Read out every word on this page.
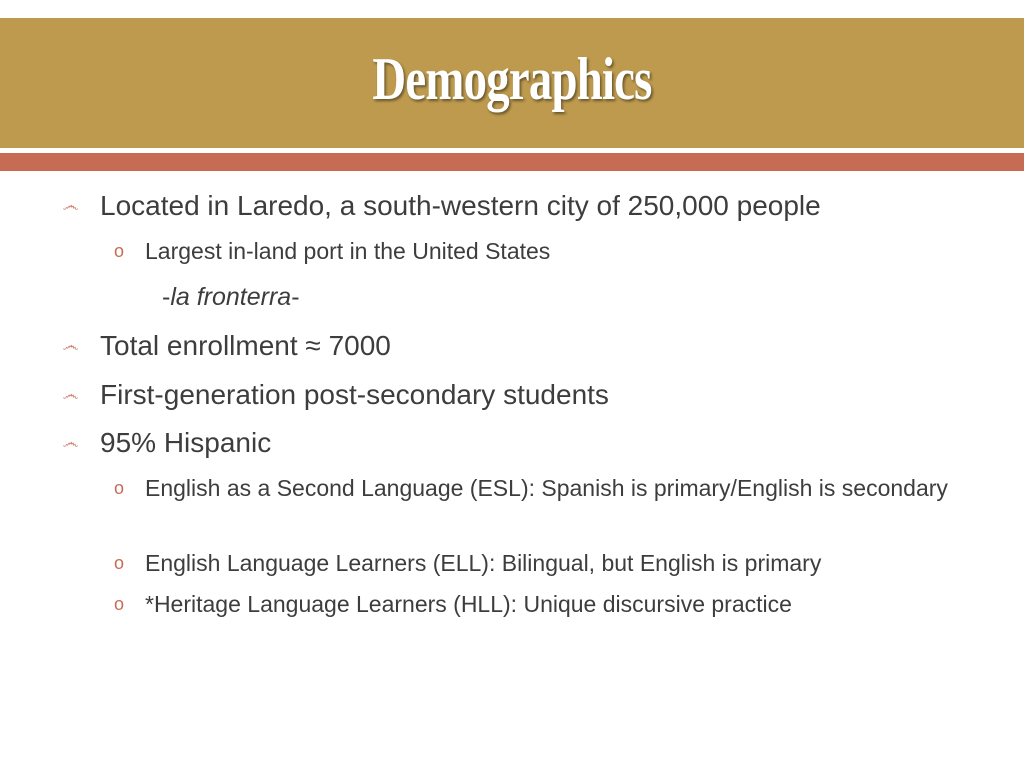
Demographics
෴ Located in Laredo, a south-western city of 250,000 people
o Largest in-land port in the United States
-la fronterra-
෴ Total enrollment ≈ 7000
෴ First-generation post-secondary students
෴ 95% Hispanic
o English as a Second Language (ESL): Spanish is primary/English is secondary
o English Language Learners (ELL): Bilingual, but English is primary
o *Heritage Language Learners (HLL): Unique discursive practice
